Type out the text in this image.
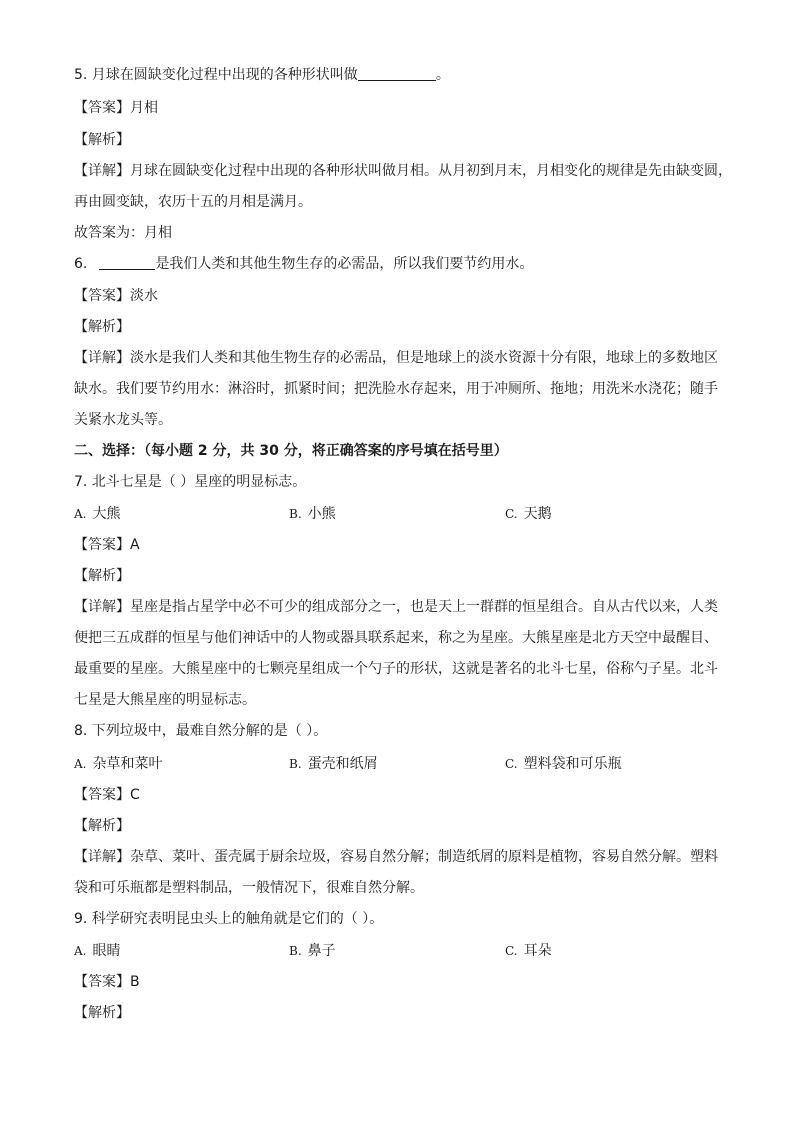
5. 月球在圆缺变化过程中出现的各种形状叫做	。
【答案】月相
【解析】
【详解】月球在圆缺变化过程中出现的各种形状叫做月相。从月初到月末，月相变化的规律是先由缺变圆，
再由圆变缺，农历十五的月相是满月。
故答案为：月相
6.	是我们人类和其他生物生存的必需品，所以我们要节约用水。
【答案】淡水
【解析】
【详解】淡水是我们人类和其他生物生存的必需品，但是地球上的淡水资源十分有限，地球上的多数地区
缺水。我们要节约用水：淋浴时，抓紧时间；把洗脸水存起来，用于冲厕所、拖地；用洗米水浇花；随手
关紧水龙头等。
二、选择：（每小题 2 分，共 30 分，将正确答案的序号填在括号里）
7. 北斗七星是（ ）星座的明显标志。
A. 大熊	B. 小熊	C. 天鹅
【答案】A
【解析】
【详解】星座是指占星学中必不可少的组成部分之一，也是天上一群群的恒星组合。自从古代以来，人类
便把三五成群的恒星与他们神话中的人物或器具联系起来，称之为星座。大熊星座是北方天空中最醒目、
最重要的星座。大熊星座中的七颗亮星组成一个勺子的形状，这就是著名的北斗七星，俗称勺子星。北斗
七星是大熊星座的明显标志。
8. 下列垃圾中，最难自然分解的是（ ）。
A. 杂草和菜叶	B. 蛋壳和纸屑	C. 塑料袋和可乐瓶
【答案】C
【解析】
【详解】杂草、菜叶、蛋壳属于厨余垃圾，容易自然分解；制造纸屑的原料是植物，容易自然分解。塑料
袋和可乐瓶都是塑料制品，一般情况下，很难自然分解。
9. 科学研究表明昆虫头上的触角就是它们的（ ）。
A. 眼睛	B. 鼻子	C. 耳朵
【答案】B
【解析】
